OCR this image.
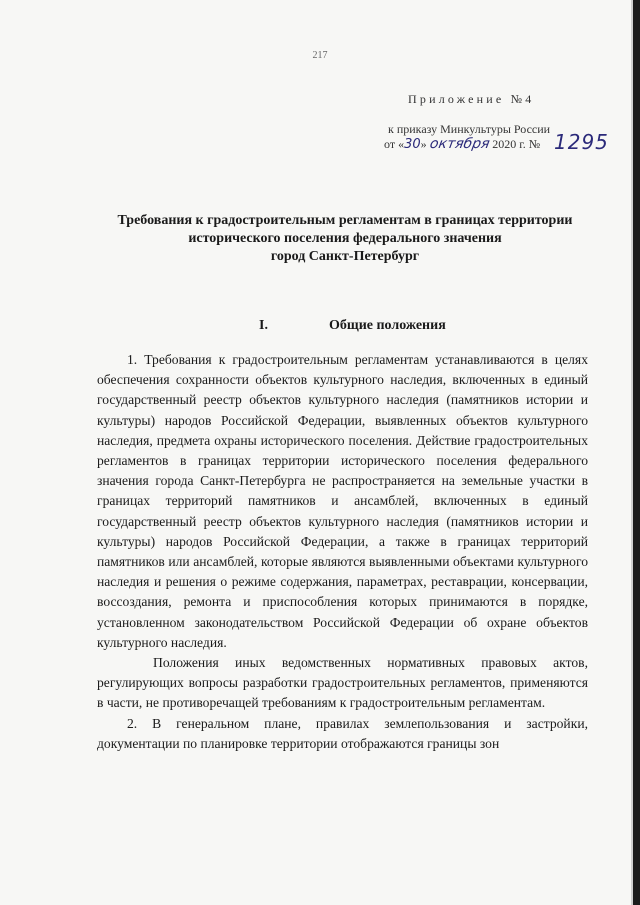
217
Приложение №4
к приказу Минкультуры России
от «30» октября 2020 г. № 1295
Требования к градостроительным регламентам в границах территории
исторического поселения федерального значения
город Санкт-Петербург
I.	Общие положения

1. Требования к градостроительным регламентам устанавливаются в целях обеспечения сохранности объектов культурного наследия, включенных в единый государственный реестр объектов культурного наследия (памятников истории и культуры) народов Российской Федерации, выявленных объектов культурного наследия, предмета охраны исторического поселения. Действие градостроительных регламентов в границах территории исторического поселения федерального значения города Санкт-Петербурга не распространяется на земельные участки в границах территорий памятников и ансамблей, включенных в единый государственный реестр объектов культурного наследия (памятников истории и культуры) народов Российской Федерации, а также в границах территорий памятников или ансамблей, которые являются выявленными объектами культурного наследия и решения о режиме содержания, параметрах, реставрации, консервации, воссоздания, ремонта и приспособления которых принимаются в порядке, установленном законодательством Российской Федерации об охране объектов культурного наследия.

Положения иных ведомственных нормативных правовых актов, регулирующих вопросы разработки градостроительных регламентов, применяются в части, не противоречащей требованиям к градостроительным регламентам.

2. В генеральном плане, правилах землепользования и застройки, документации по планировке территории отображаются границы зон
